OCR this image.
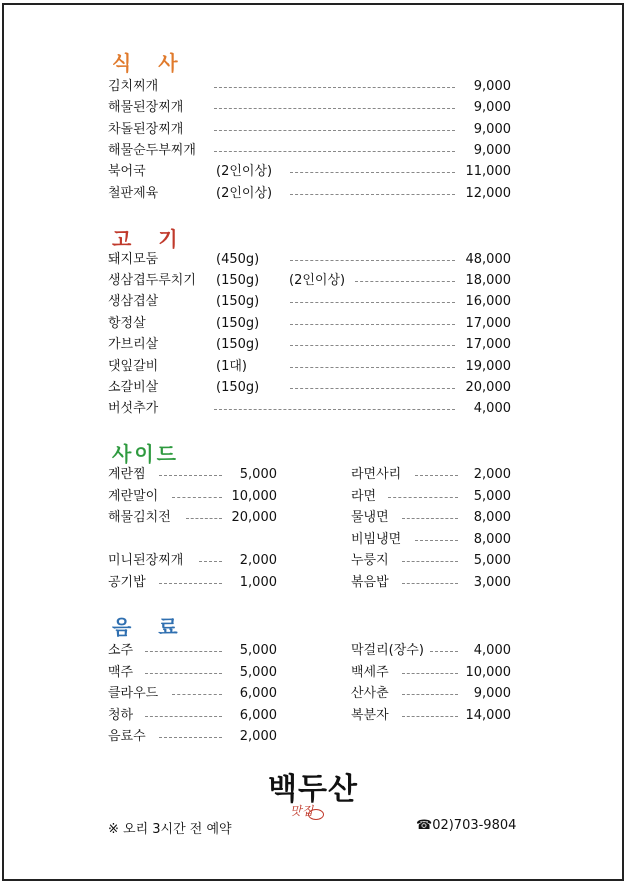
식 사
고 기
사이드
음 료
김치찌개	9,000
해물된장찌개	9,000
차돌된장찌개	9,000
해물순두부찌개	9,000
북어국	(2인이상)	11,000
철판제육	(2인이상)	12,000
돼지모둠	(450g)	48,000
생삼겹두루치기 (150g) (2인이상)	18,000
생삼겹살	(150g)	16,000
항정살	(150g)	17,000
가브리살	(150g)	17,000
댓잎갈비	(1대)	19,000
소갈비살	(150g)	20,000
버섯추가	4,000
계란찜	5,000
계란말이	10,000
해물김치전	20,000
미니된장찌개	2,000
공기밥	1,000
라면사리	2,000
라면	5,000
물냉면	8,000
비빔냉면	8,000
누룽지	5,000
볶음밥	3,000
소주	5,000
맥주	5,000
클라우드	6,000
청하	6,000
음료수	2,000
막걸리(장수)	4,000
백세주	10,000
산사춘	9,000
복분자	14,000
백두산
맛집
※ 오리 3시간 전 예약	☎02)703-9804
